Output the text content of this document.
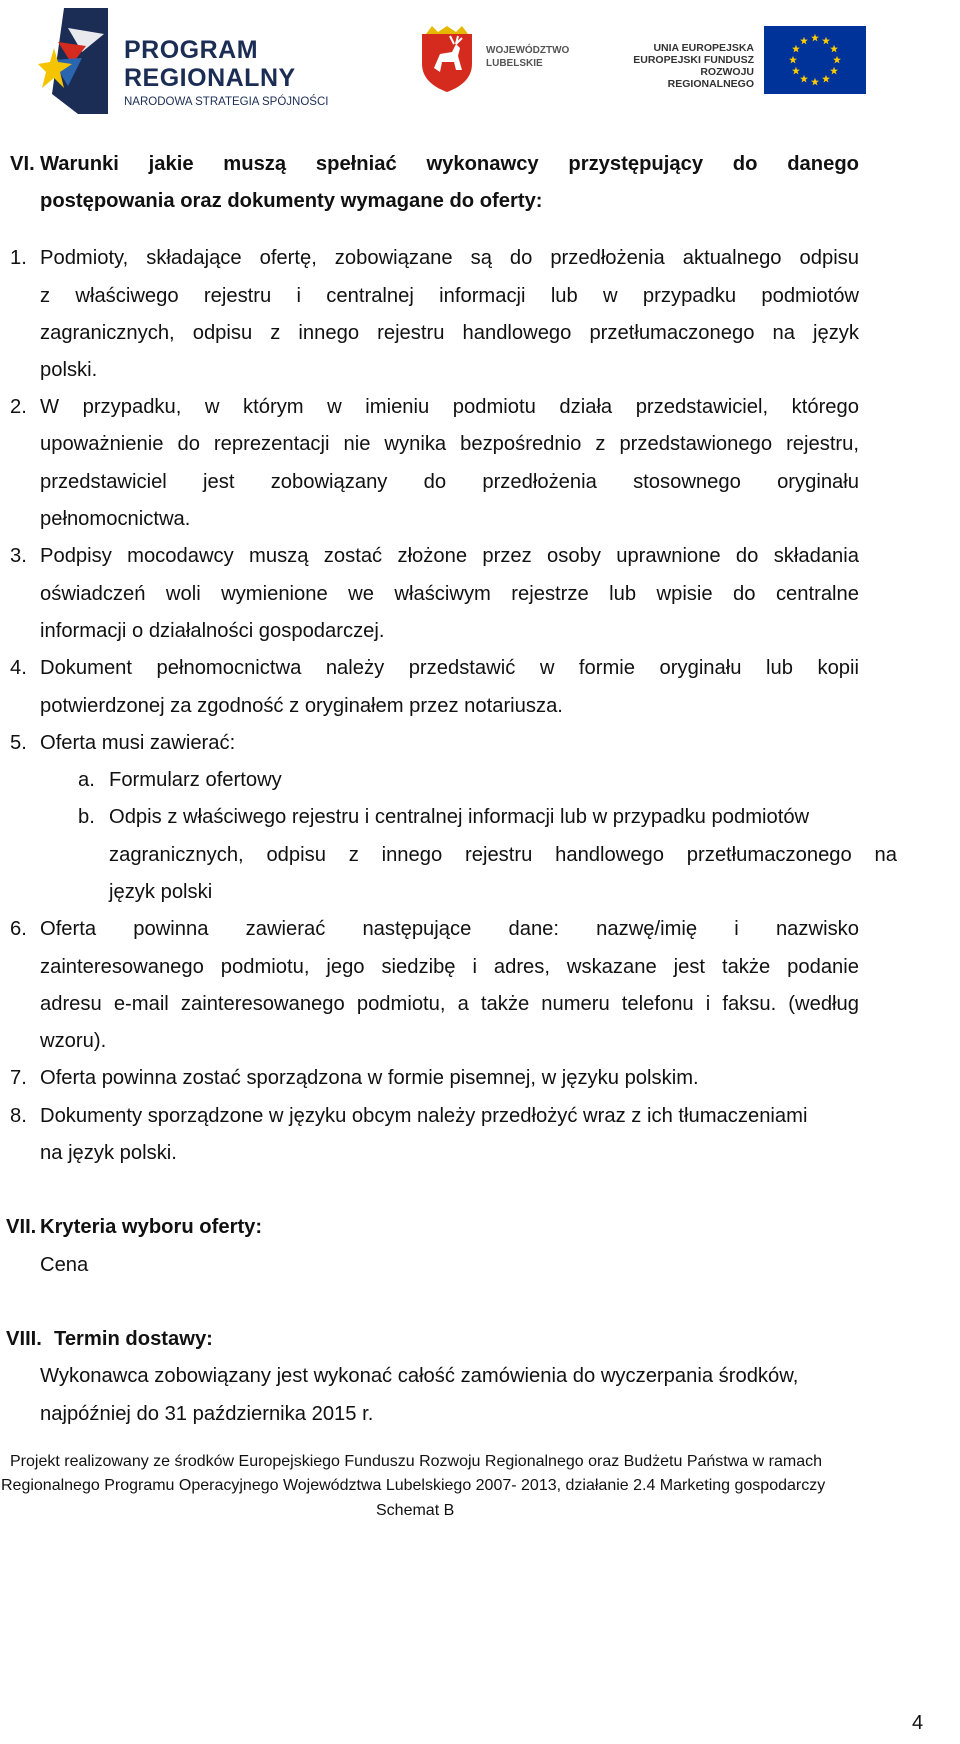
PROGRAM
REGIONALNY
NARODOWA STRATEGIA SPÓJNOŚCI
WOJEWÓDZTWO
LUBELSKIE
UNIA EUROPEJSKA
EUROPEJSKI FUNDUSZ
ROZWOJU REGIONALNEGO
VI. Warunki jakie muszą spełniać wykonawcy przystępujący do danego
postępowania oraz dokumenty wymagane do oferty:
1. Podmioty, składające ofertę, zobowiązane są do przedłożenia aktualnego odpisu
z właściwego rejestru i centralnej informacji lub w przypadku podmiotów
zagranicznych, odpisu z innego rejestru handlowego przetłumaczonego na język
polski.
2. W przypadku, w którym w imieniu podmiotu działa przedstawiciel, którego
upoważnienie do reprezentacji nie wynika bezpośrednio z przedstawionego rejestru,
przedstawiciel jest zobowiązany do przedłożenia stosownego oryginału
pełnomocnictwa.
3. Podpisy mocodawcy muszą zostać złożone przez osoby uprawnione do składania
oświadczeń woli wymienione we właściwym rejestrze lub wpisie do centralne
informacji o działalności gospodarczej.
4. Dokument pełnomocnictwa należy przedstawić w formie oryginału lub kopii
potwierdzonej za zgodność z oryginałem przez notariusza.
5. Oferta musi zawierać:
a. Formularz ofertowy
b. Odpis z właściwego rejestru i centralnej informacji lub w przypadku podmiotów
zagranicznych, odpisu z innego rejestru handlowego przetłumaczonego na
język polski
6. Oferta powinna zawierać następujące dane: nazwę/imię i nazwisko
zainteresowanego podmiotu, jego siedzibę i adres, wskazane jest także podanie
adresu e-mail zainteresowanego podmiotu, a także numeru telefonu i faksu. (według
wzoru).
7. Oferta powinna zostać sporządzona w formie pisemnej, w języku polskim.
8. Dokumenty sporządzone w języku obcym należy przedłożyć wraz z ich tłumaczeniami
na język polski.
VII. Kryteria wyboru oferty:
Cena
VIII. Termin dostawy:
Wykonawca zobowiązany jest wykonać całość zamówienia do wyczerpania środków,
najpóźniej do 31 października 2015 r.
Projekt realizowany ze środków Europejskiego Funduszu Rozwoju Regionalnego oraz Budżetu Państwa w ramach
Regionalnego Programu Operacyjnego Województwa Lubelskiego 2007- 2013, działanie 2.4 Marketing gospodarczy
Schemat B
4
